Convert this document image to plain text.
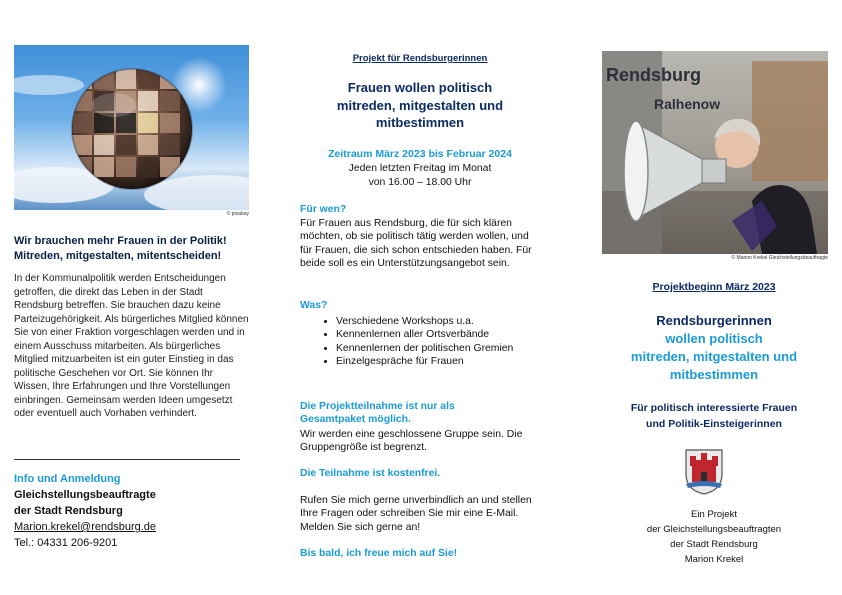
© pixabay
Wir brauchen mehr Frauen in der Politik! Mitreden, mitgestalten, mitentscheiden!
In der Kommunalpolitik werden Entscheidungen getroffen, die direkt das Leben in der Stadt Rendsburg betreffen. Sie brauchen dazu keine Parteizugehörigkeit. Als bürgerliches Mitglied können Sie von einer Fraktion vorgeschlagen werden und in einem Ausschuss mitarbeiten. Als bürgerliches Mitglied mitzuarbeiten ist ein guter Einstieg in das politische Geschehen vor Ort. Sie können Ihr Wissen, Ihre Erfahrungen und Ihre Vorstellungen einbringen. Gemeinsam werden Ideen umgesetzt oder eventuell auch Vorhaben verhindert.
Info und Anmeldung
Gleichstellungsbeauftragte
der Stadt Rendsburg
Marion.krekel@rendsburg.de
Tel.: 04331 206-9201
Projekt für Rendsburgerinnen
Frauen wollen politisch mitreden, mitgestalten und mitbestimmen
Zeitraum März 2023 bis Februar 2024
Jeden letzten Freitag im Monat
von 16.00 – 18.00 Uhr
Für wen?
Für Frauen aus Rendsburg, die für sich klären möchten, ob sie politisch tätig werden wollen, und für Frauen, die sich schon entschieden haben. Für beide soll es ein Unterstützungsangebot sein.
Was?
• Verschiedene Workshops u.a.
• Kennenlernen aller Ortsverbände
• Kennenlernen der politischen Gremien
• Einzelgespräche für Frauen
Die Projektteilnahme ist nur als Gesamtpaket möglich.
Wir werden eine geschlossene Gruppe sein. Die Gruppengröße ist begrenzt.
Die Teilnahme ist kostenfrei.
Rufen Sie mich gerne unverbindlich an und stellen Ihre Fragen oder schreiben Sie mir eine E-Mail. Melden Sie sich gerne an!
Bis bald, ich freue mich auf Sie!
Rendsburg
Ralhenow
© Marion Krekel Gleichstellungsbeauftragte
Projektbeginn März 2023
Rendsburgerinnen
wollen politisch
mitreden, mitgestalten und
mitbestimmen
Für politisch interessierte Frauen
und Politik-Einsteigerinnen
Ein Projekt
der Gleichstellungsbeauftragten
der Stadt Rendsburg
Marion Krekel
